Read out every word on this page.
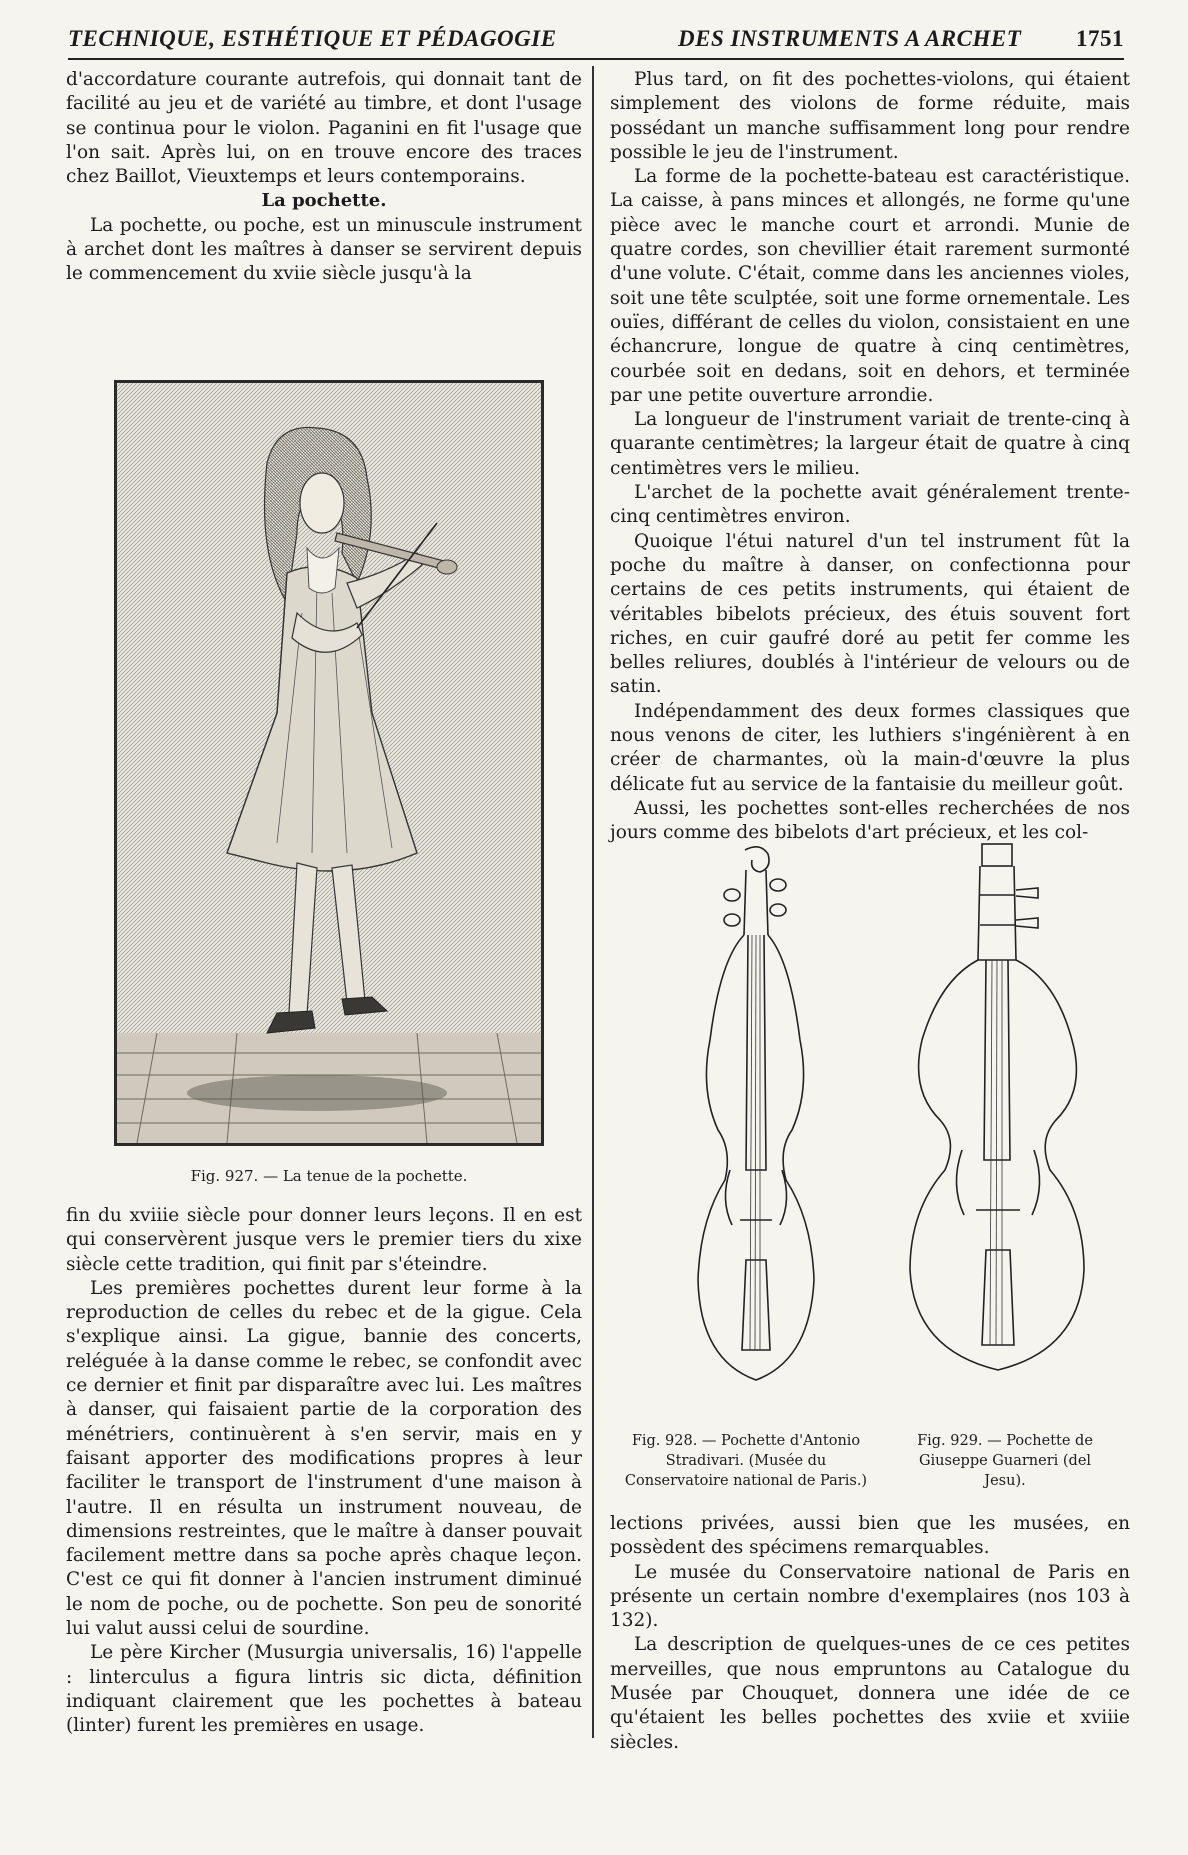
TECHNIQUE, ESTHÉTIQUE ET PÉDAGOGIE	DES INSTRUMENTS A ARCHET 1751

d'accordature courante autrefois, qui donnait tant de facilité au jeu et de variété au timbre, et dont l'usage se continua pour le violon. Paganini en fit l'usage que l'on sait. Après lui, on en trouve encore des traces chez Baillot, Vieuxtemps et leurs contemporains.

La pochette.

La pochette, ou poche, est un minuscule instrument à archet dont les maîtres à danser se servirent depuis le commencement du xviie siècle jusqu'à la

Fig. 927. — La tenue de la pochette.

fin du xviiie siècle pour donner leurs leçons. Il en est qui conservèrent jusque vers le premier tiers du xixe siècle cette tradition, qui finit par s'éteindre.

Les premières pochettes durent leur forme à la reproduction de celles du rebec et de la gigue. Cela s'explique ainsi. La gigue, bannie des concerts, reléguée à la danse comme le rebec, se confondit avec ce dernier et finit par disparaître avec lui. Les maîtres à danser, qui faisaient partie de la corporation des ménétriers, continuèrent à s'en servir, mais en y faisant apporter des modifications propres à leur faciliter le transport de l'instrument d'une maison à l'autre. Il en résulta un instrument nouveau, de dimensions restreintes, que le maître à danser pouvait facilement mettre dans sa poche après chaque leçon. C'est ce qui fit donner à l'ancien instrument diminué le nom de poche, ou de pochette. Son peu de sonorité lui valut aussi celui de sourdine.

Le père Kircher (Musurgia universalis, 16) l'appelle : linterculus a figura lintris sic dicta, définition indiquant clairement que les pochettes à bateau (linter) furent les premières en usage.

Plus tard, on fit des pochettes-violons, qui étaient simplement des violons de forme réduite, mais possédant un manche suffisamment long pour rendre possible le jeu de l'instrument.

La forme de la pochette-bateau est caractéristique. La caisse, à pans minces et allongés, ne forme qu'une pièce avec le manche court et arrondi. Munie de quatre cordes, son chevillier était rarement surmonté d'une volute. C'était, comme dans les anciennes violes, soit une tête sculptée, soit une forme ornementale. Les ouïes, différant de celles du violon, consistaient en une échancrure, longue de quatre à cinq centimètres, courbée soit en dedans, soit en dehors, et terminée par une petite ouverture arrondie.

La longueur de l'instrument variait de trente-cinq à quarante centimètres; la largeur était de quatre à cinq centimètres vers le milieu.

L'archet de la pochette avait généralement trente-cinq centimètres environ.

Quoique l'étui naturel d'un tel instrument fût la poche du maître à danser, on confectionna pour certains de ces petits instruments, qui étaient de véritables bibelots précieux, des étuis souvent fort riches, en cuir gaufré doré au petit fer comme les belles reliures, doublés à l'intérieur de velours ou de satin.

Indépendamment des deux formes classiques que nous venons de citer, les luthiers s'ingénièrent à en créer de charmantes, où la main-d'œuvre la plus délicate fut au service de la fantaisie du meilleur goût.

Aussi, les pochettes sont-elles recherchées de nos jours comme des bibelots d'art précieux, et les col-

Fig. 928. — Pochette d'Antonio Stradivari. (Musée du Conservatoire national de Paris.)
Fig. 929. — Pochette de Giuseppe Guarneri (del Jesu).

lections privées, aussi bien que les musées, en possèdent des spécimens remarquables.

Le musée du Conservatoire national de Paris en présente un certain nombre d'exemplaires (nos 103 à 132).

La description de quelques-unes de ce ces petites merveilles, que nous empruntons au Catalogue du Musée par Chouquet, donnera une idée de ce qu'étaient les belles pochettes des xviie et xviiie siècles.
